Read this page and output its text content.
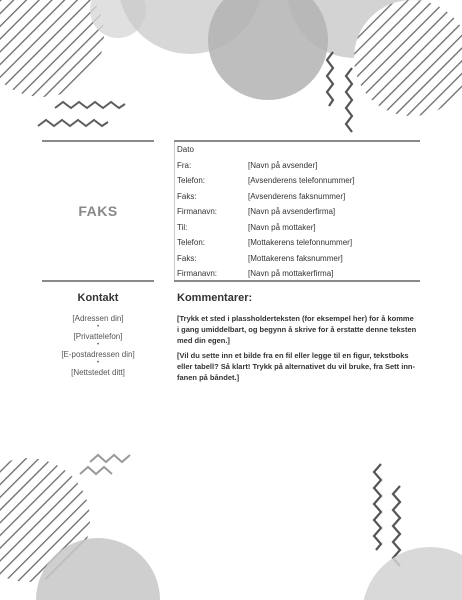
FAKS
Dato
Fra:	[Navn på avsender]
Telefon:	[Avsenderens telefonnummer]
Faks:	[Avsenderens faksnummer]
Firmanavn:	[Navn på avsenderfirma]
Til:	[Navn på mottaker]
Telefon:	[Mottakerens telefonnummer]
Faks:	[Mottakerens faksnummer]
Firmanavn:	[Navn på mottakerfirma]
Kontakt
[Adressen din]
•
[Privattelefon]
•
[E-postadressen din]
•
[Nettstedet ditt]
Kommentarer:
[Trykk et sted i plassholderteksten (for eksempel her) for å komme i gang umiddelbart, og begynn å skrive for å erstatte denne teksten med din egen.]
[Vil du sette inn et bilde fra en fil eller legge til en figur, tekstboks eller tabell? Så klart! Trykk på alternativet du vil bruke, fra Sett inn-fanen på båndet.]
